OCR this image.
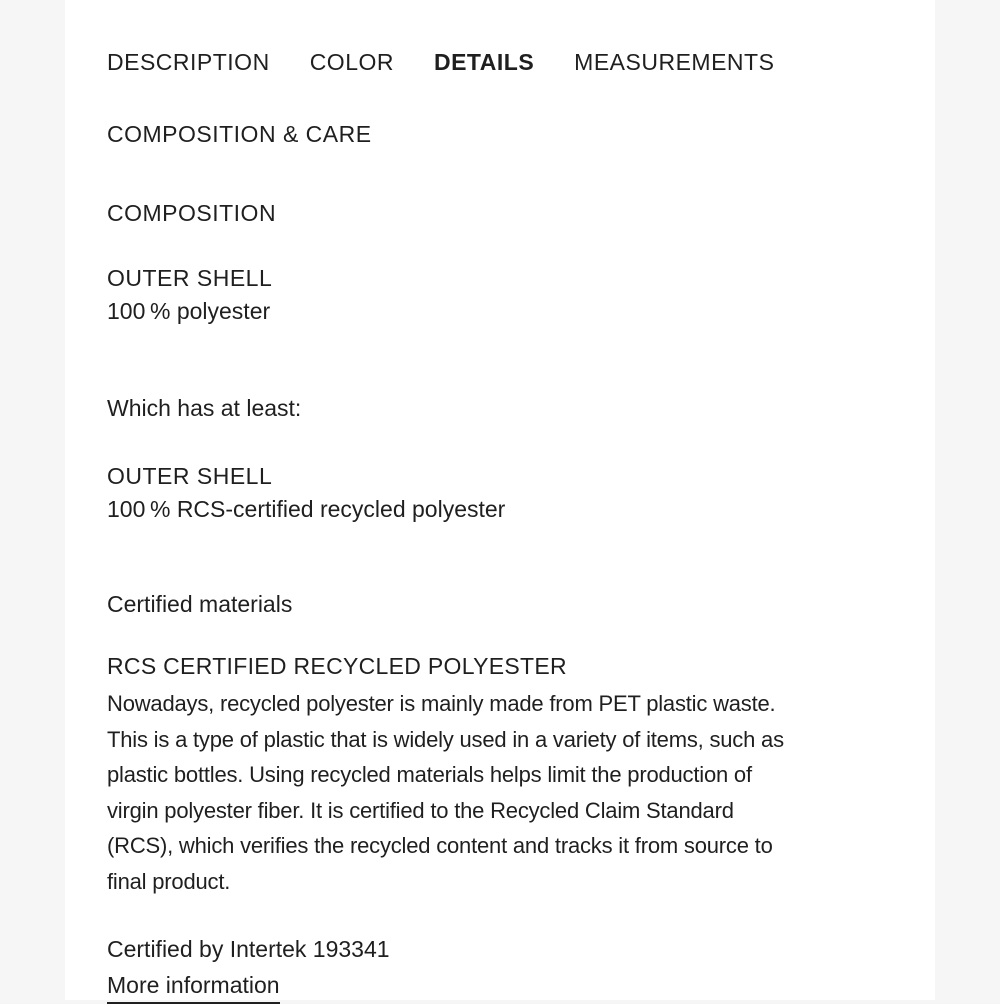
DESCRIPTION COLOR DETAILS MEASUREMENTS
COMPOSITION & CARE
COMPOSITION
OUTER SHELL
100 % polyester
Which has at least:
OUTER SHELL
100 % RCS-certified recycled polyester
Certified materials
RCS CERTIFIED RECYCLED POLYESTER
Nowadays, recycled polyester is mainly made from PET plastic waste.
This is a type of plastic that is widely used in a variety of items, such as
plastic bottles. Using recycled materials helps limit the production of
virgin polyester fiber. It is certified to the Recycled Claim Standard
(RCS), which verifies the recycled content and tracks it from source to
final product.
Certified by Intertek 193341
More information
